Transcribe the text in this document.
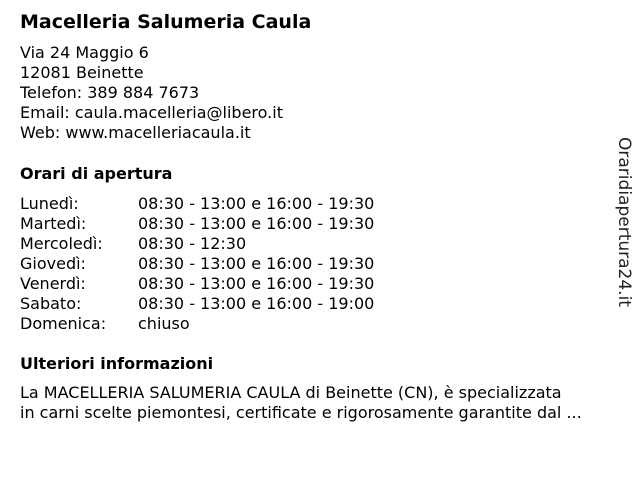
Macelleria Salumeria Caula
Via 24 Maggio 6
12081 Beinette
Telefon: 389 884 7673
Email: caula.macelleria@libero.it
Web: www.macelleriacaula.it
Orari di apertura
Lunedì:	08:30 - 13:00 e 16:00 - 19:30
Martedì:	08:30 - 13:00 e 16:00 - 19:30
Mercoledì:	08:30 - 12:30
Giovedì:	08:30 - 13:00 e 16:00 - 19:30
Venerdì:	08:30 - 13:00 e 16:00 - 19:30
Sabato:	08:30 - 13:00 e 16:00 - 19:00
Domenica:	chiuso
Ulteriori informazioni
La MACELLERIA SALUMERIA CAULA di Beinette (CN), è specializzata
in carni scelte piemontesi, certificate e rigorosamente garantite dal ...
Oraridiapertura24.it
